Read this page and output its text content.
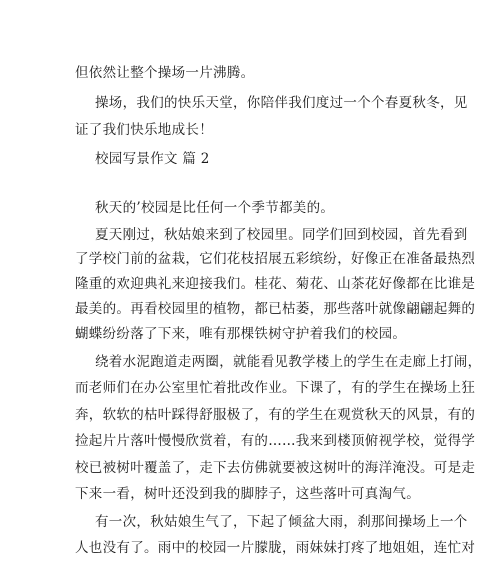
但依然让整个操场一片沸腾。
操场，我们的快乐天堂，你陪伴我们度过一个个春夏秋冬，见
证了我们快乐地成长！
校园写景作文 篇 2
秋天的’校园是比任何一个季节都美的。
夏天刚过，秋姑娘来到了校园里。同学们回到校园，首先看到
了学校门前的盆栽，它们花枝招展五彩缤纷，好像正在准备最热烈
隆重的欢迎典礼来迎接我们。桂花、菊花、山茶花好像都在比谁是
最美的。再看校园里的植物，都已枯萎，那些落叶就像翩翩起舞的
蝴蝶纷纷落了下来，唯有那棵铁树守护着我们的校园。
绕着水泥跑道走两圈，就能看见教学楼上的学生在走廊上打闹，
而老师们在办公室里忙着批改作业。下课了，有的学生在操场上狂
奔，软软的枯叶踩得舒服极了，有的学生在观赏秋天的风景，有的
捡起片片落叶慢慢欣赏着，有的……我来到楼顶俯视学校，觉得学
校已被树叶覆盖了，走下去仿佛就要被这树叶的海洋淹没。可是走
下来一看，树叶还没到我的脚脖子，这些落叶可真淘气。
有一次，秋姑娘生气了，下起了倾盆大雨，刹那间操场上一个
人也没有了。雨中的校园一片朦胧，雨妹妹打疼了地姐姐，连忙对
